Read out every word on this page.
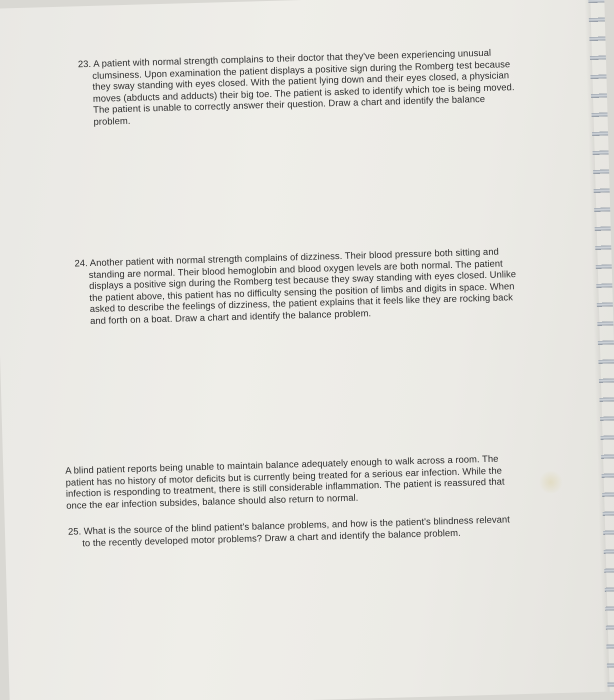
23. A patient with normal strength complains to their doctor that they've been experiencing unusual clumsiness. Upon examination the patient displays a positive sign during the Romberg test because they sway standing with eyes closed. With the patient lying down and their eyes closed, a physician moves (abducts and adducts) their big toe. The patient is asked to identify which toe is being moved. The patient is unable to correctly answer their question. Draw a chart and identify the balance problem.
24. Another patient with normal strength complains of dizziness. Their blood pressure both sitting and standing are normal. Their blood hemoglobin and blood oxygen levels are both normal. The patient displays a positive sign during the Romberg test because they sway standing with eyes closed. Unlike the patient above, this patient has no difficulty sensing the position of limbs and digits in space. When asked to describe the feelings of dizziness, the patient explains that it feels like they are rocking back and forth on a boat. Draw a chart and identify the balance problem.
A blind patient reports being unable to maintain balance adequately enough to walk across a room. The patient has no history of motor deficits but is currently being treated for a serious ear infection. While the infection is responding to treatment, there is still considerable inflammation. The patient is reassured that once the ear infection subsides, balance should also return to normal.
25. What is the source of the blind patient's balance problems, and how is the patient's blindness relevant to the recently developed motor problems? Draw a chart and identify the balance problem.
